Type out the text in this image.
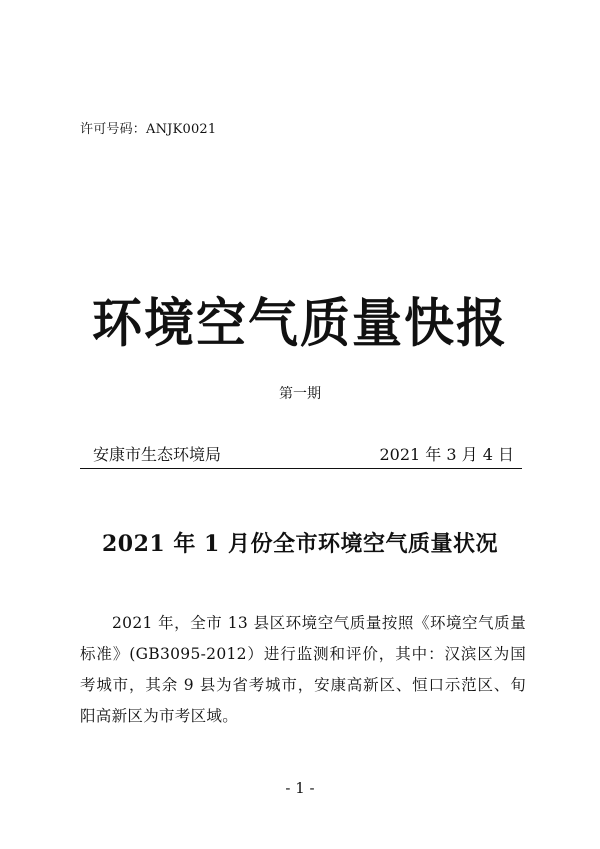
许可号码：ANJK0021
环境空气质量快报
第一期
安康市生态环境局	2021 年 3 月 4 日
2021 年 1 月份全市环境空气质量状况
2021 年，全市 13 县区环境空气质量按照《环境空气质量标准》(GB3095-2012）进行监测和评价，其中：汉滨区为国考城市，其余 9 县为省考城市，安康高新区、恒口示范区、旬阳高新区为市考区域。
- 1 -
